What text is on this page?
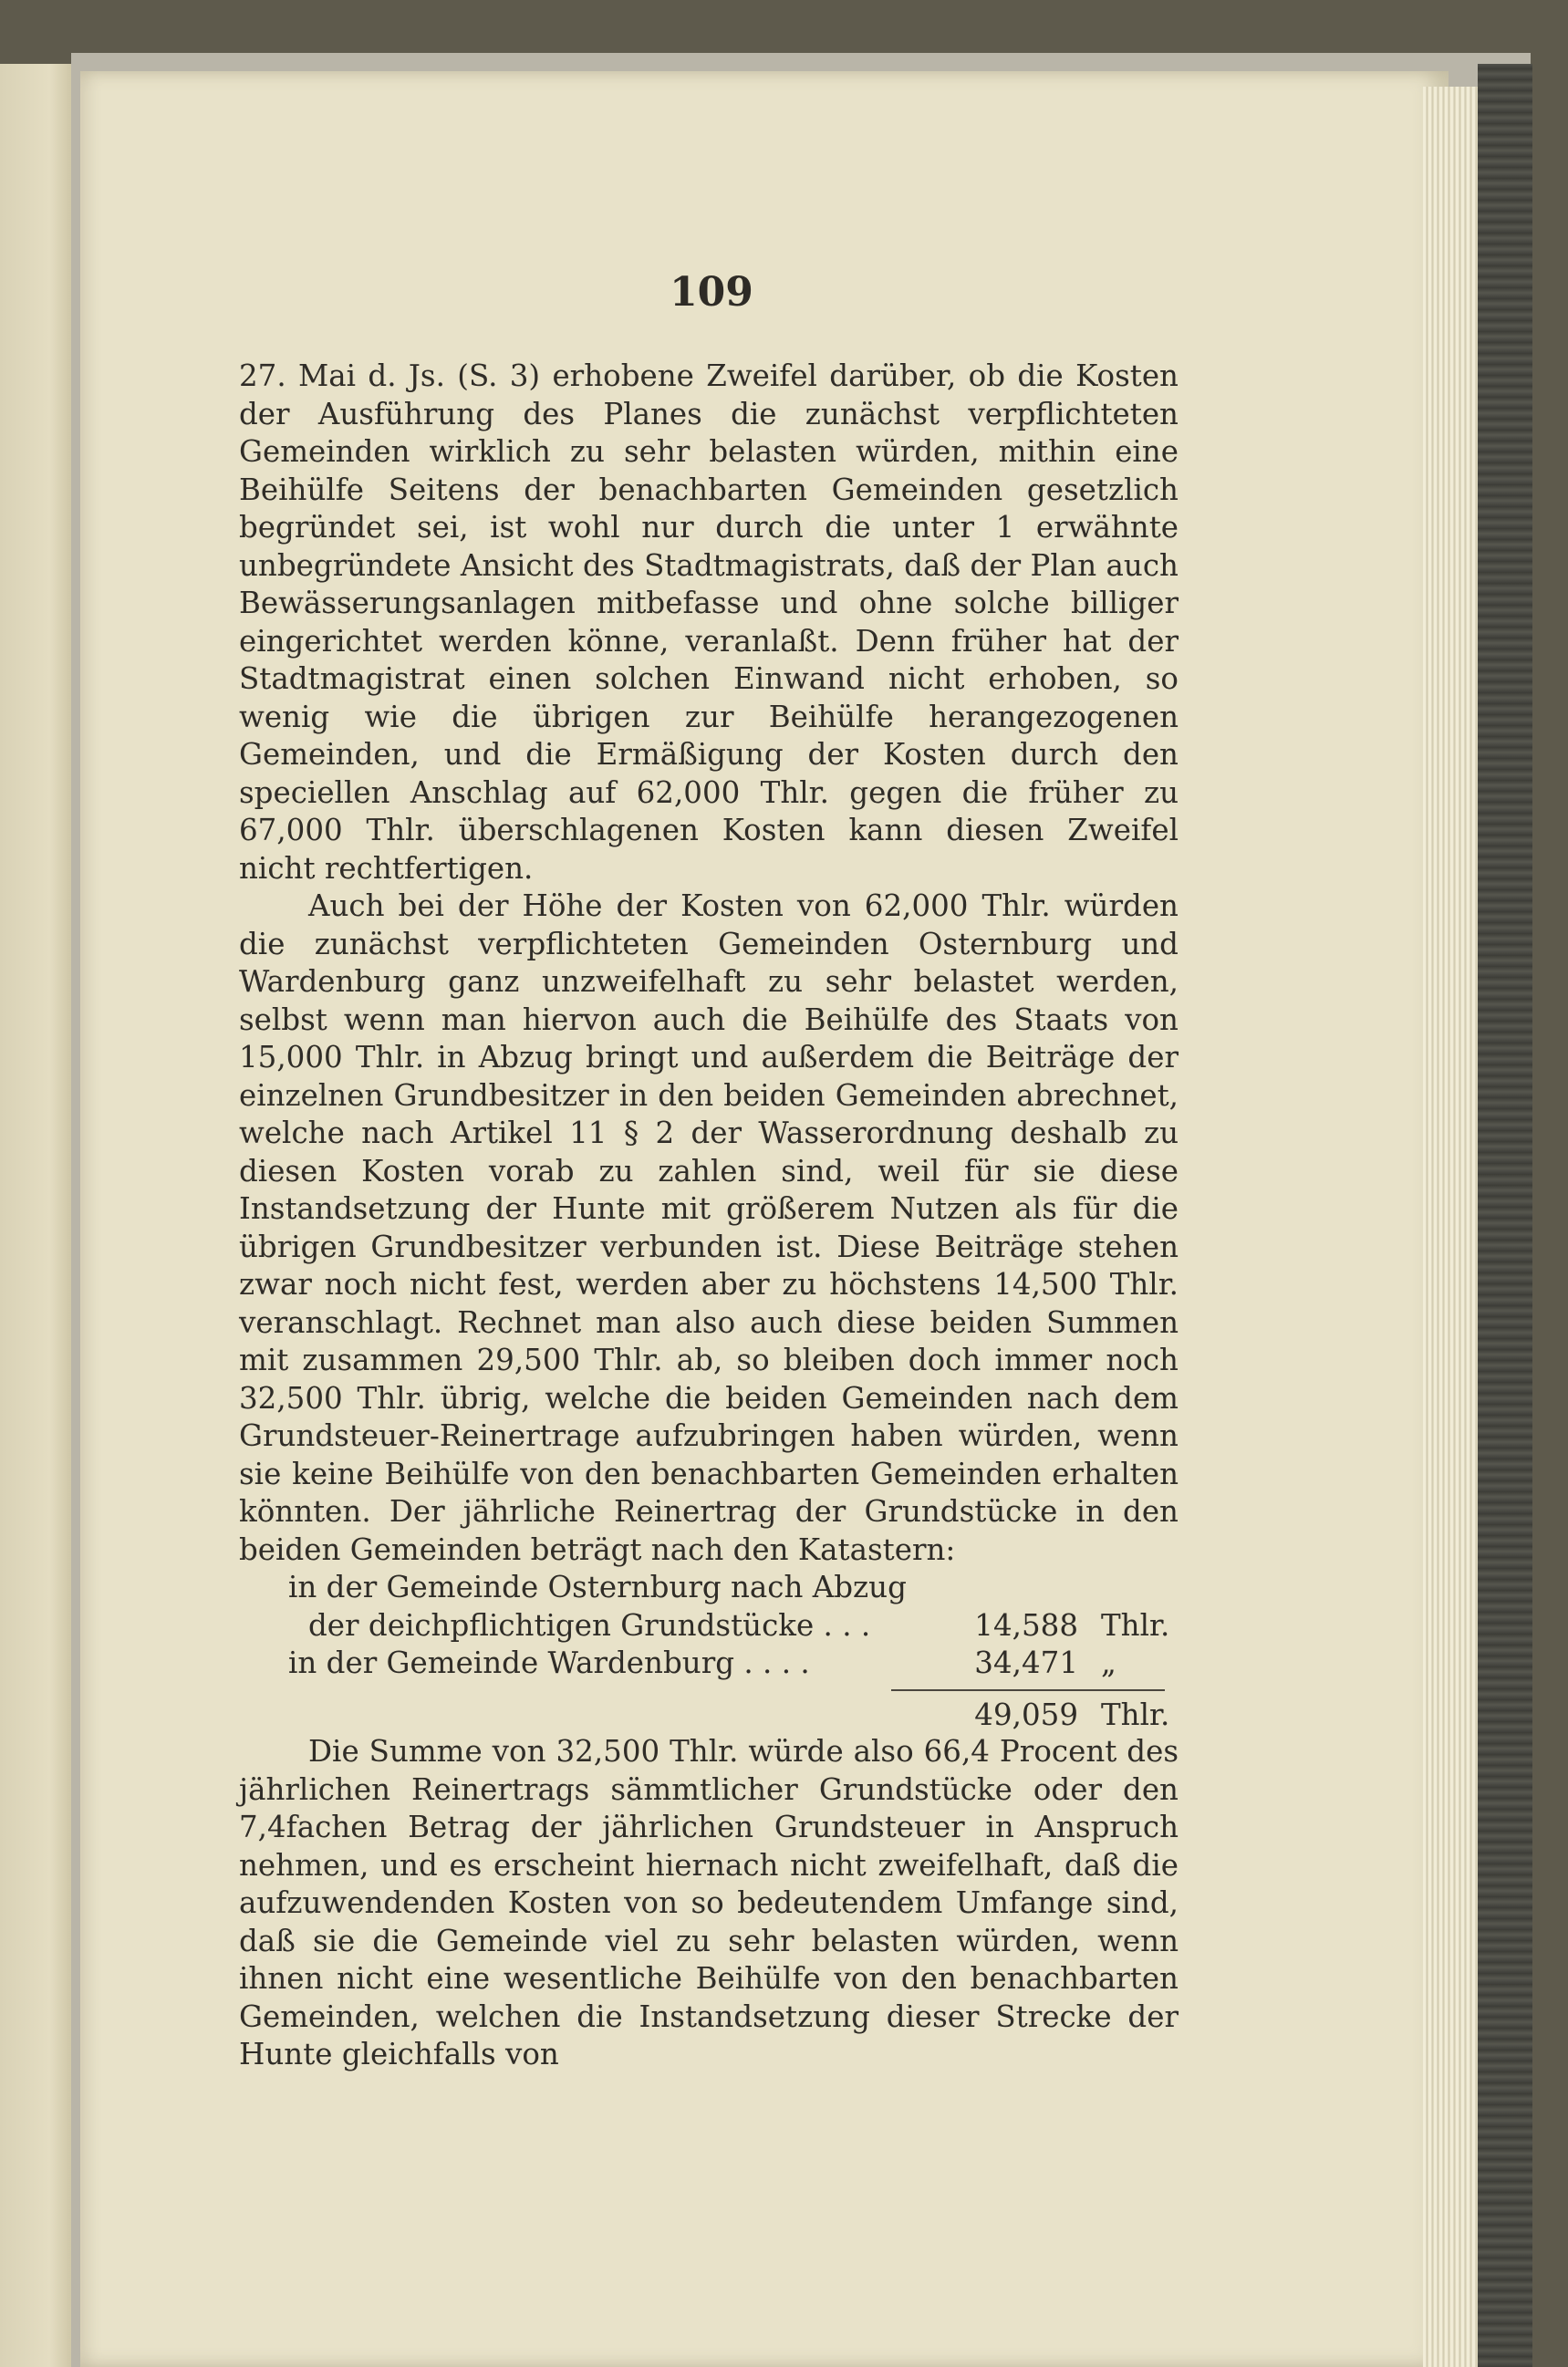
109

27. Mai d. Js. (S. 3) erhobene Zweifel darüber, ob die Kosten der Ausführung des Planes die zunächst verpflichteten Gemeinden wirklich zu sehr belasten würden, mithin eine Beihülfe Seitens der benachbarten Gemeinden gesetzlich begründet sei, ist wohl nur durch die unter 1 erwähnte unbegründete Ansicht des Stadtmagistrats, daß der Plan auch Bewässerungsanlagen mitbefasse und ohne solche billiger eingerichtet werden könne, veranlaßt. Denn früher hat der Stadtmagistrat einen solchen Einwand nicht erhoben, so wenig wie die übrigen zur Beihülfe herangezogenen Gemeinden, und die Ermäßigung der Kosten durch den speciellen Anschlag auf 62,000 Thlr. gegen die früher zu 67,000 Thlr. überschlagenen Kosten kann diesen Zweifel nicht rechtfertigen.

Auch bei der Höhe der Kosten von 62,000 Thlr. würden die zunächst verpflichteten Gemeinden Osternburg und Wardenburg ganz unzweifelhaft zu sehr belastet werden, selbst wenn man hiervon auch die Beihülfe des Staats von 15,000 Thlr. in Abzug bringt und außerdem die Beiträge der einzelnen Grundbesitzer in den beiden Gemeinden abrechnet, welche nach Artikel 11 § 2 der Wasserordnung deshalb zu diesen Kosten vorab zu zahlen sind, weil für sie diese Instandsetzung der Hunte mit größerem Nutzen als für die übrigen Grundbesitzer verbunden ist. Diese Beiträge stehen zwar noch nicht fest, werden aber zu höchstens 14,500 Thlr. veranschlagt. Rechnet man also auch diese beiden Summen mit zusammen 29,500 Thlr. ab, so bleiben doch immer noch 32,500 Thlr. übrig, welche die beiden Gemeinden nach dem Grundsteuer-Reinertrage aufzubringen haben würden, wenn sie keine Beihülfe von den benachbarten Gemeinden erhalten könnten. Der jährliche Reinertrag der Grundstücke in den beiden Gemeinden beträgt nach den Katastern:

in der Gemeinde Osternburg nach Abzug
der deichpflichtigen Grundstücke . . .	14,588 Thlr.
in der Gemeinde Wardenburg . . . .	34,471 „
49,059 Thlr.

Die Summe von 32,500 Thlr. würde also 66,4 Procent des jährlichen Reinertrags sämmtlicher Grundstücke oder den 7,4fachen Betrag der jährlichen Grundsteuer in Anspruch nehmen, und es erscheint hiernach nicht zweifelhaft, daß die aufzuwendenden Kosten von so bedeutendem Umfange sind, daß sie die Gemeinde viel zu sehr belasten würden, wenn ihnen nicht eine wesentliche Beihülfe von den benachbarten Gemeinden, welchen die Instandsetzung dieser Strecke der Hunte gleichfalls von
